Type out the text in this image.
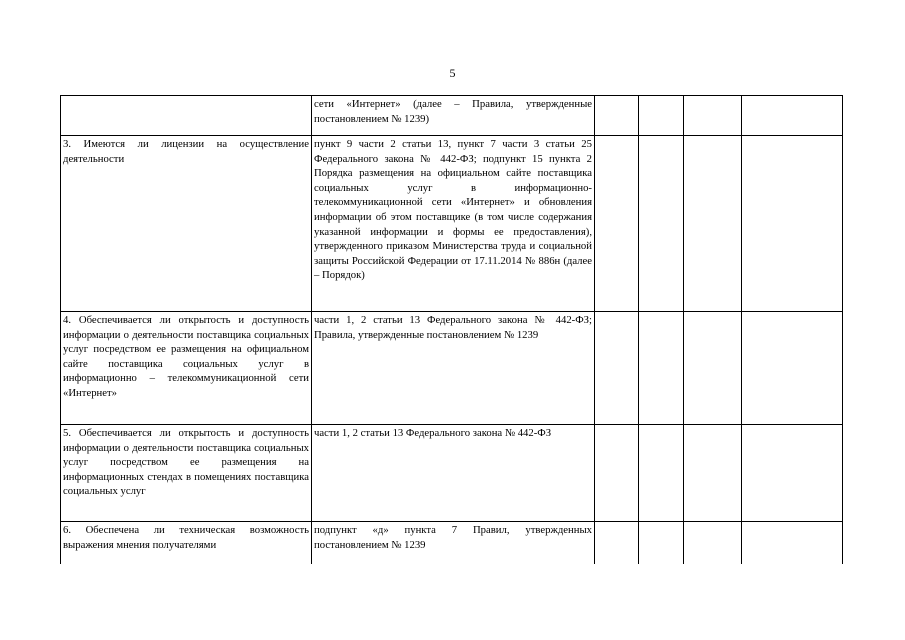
5
	сети «Интернет» (далее – Правила, утвержденные постановлением № 1239)				
3. Имеются ли лицензии на осуществление деятельности	пункт 9 части 2 статьи 13, пункт 7 части 3 статьи 25 Федерального закона № 442-ФЗ; подпункт 15 пункта 2 Порядка размещения на официальном сайте поставщика социальных услуг в информационно-телекоммуникационной сети «Интернет» и обновления информации об этом поставщике (в том числе содержания указанной информации и формы ее предоставления), утвержденного приказом Министерства труда и социальной защиты Российской Федерации от 17.11.2014 № 886н (далее – Порядок)				
4. Обеспечивается ли открытость и доступность информации о деятельности поставщика социальных услуг посредством ее размещения на официальном сайте поставщика социальных услуг в информационно – телекоммуникационной сети «Интернет»	части 1, 2 статьи 13 Федерального закона № 442-ФЗ; Правила, утвержденные постановлением № 1239				
5. Обеспечивается ли открытость и доступность информации о деятельности поставщика социальных услуг посредством ее размещения на информационных стендах в помещениях поставщика социальных услуг	части 1, 2 статьи 13 Федерального закона № 442-ФЗ				
6. Обеспечена ли техническая возможность выражения мнения получателями	подпункт «д» пункта 7 Правил, утвержденных постановлением № 1239				
